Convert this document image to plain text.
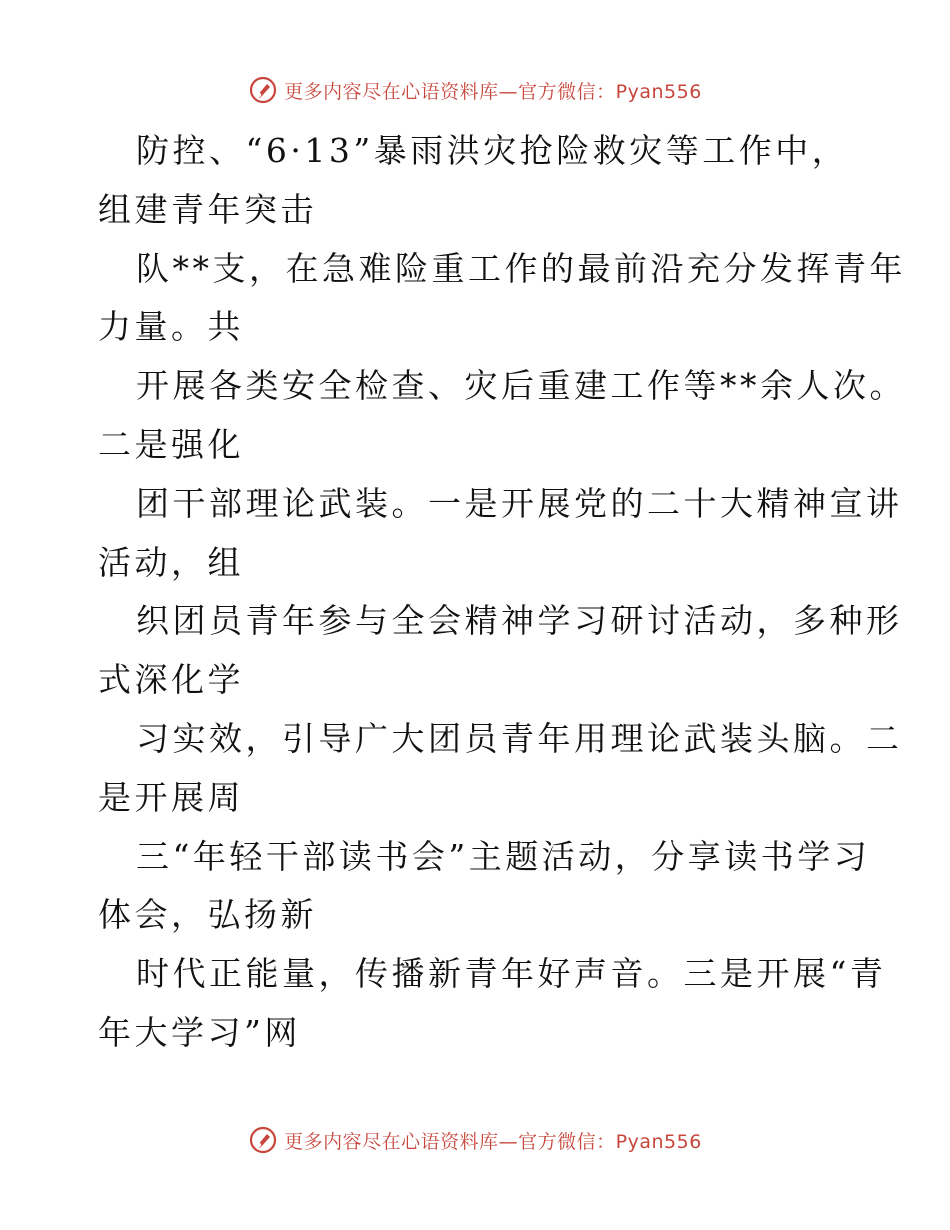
更多内容尽在心语资料库—官方微信：Pyan556
防控、“6·13”暴雨洪灾抢险救灾等工作中，
组建青年突击
队**支，在急难险重工作的最前沿充分发挥青年
力量。共
开展各类安全检查、灾后重建工作等**余人次。
二是强化
团干部理论武装。一是开展党的二十大精神宣讲
活动，组
织团员青年参与全会精神学习研讨活动，多种形
式深化学
习实效，引导广大团员青年用理论武装头脑。二
是开展周
三“年轻干部读书会”主题活动，分享读书学习
体会，弘扬新
时代正能量，传播新青年好声音。三是开展“青
年大学习”网
更多内容尽在心语资料库—官方微信：Pyan556
